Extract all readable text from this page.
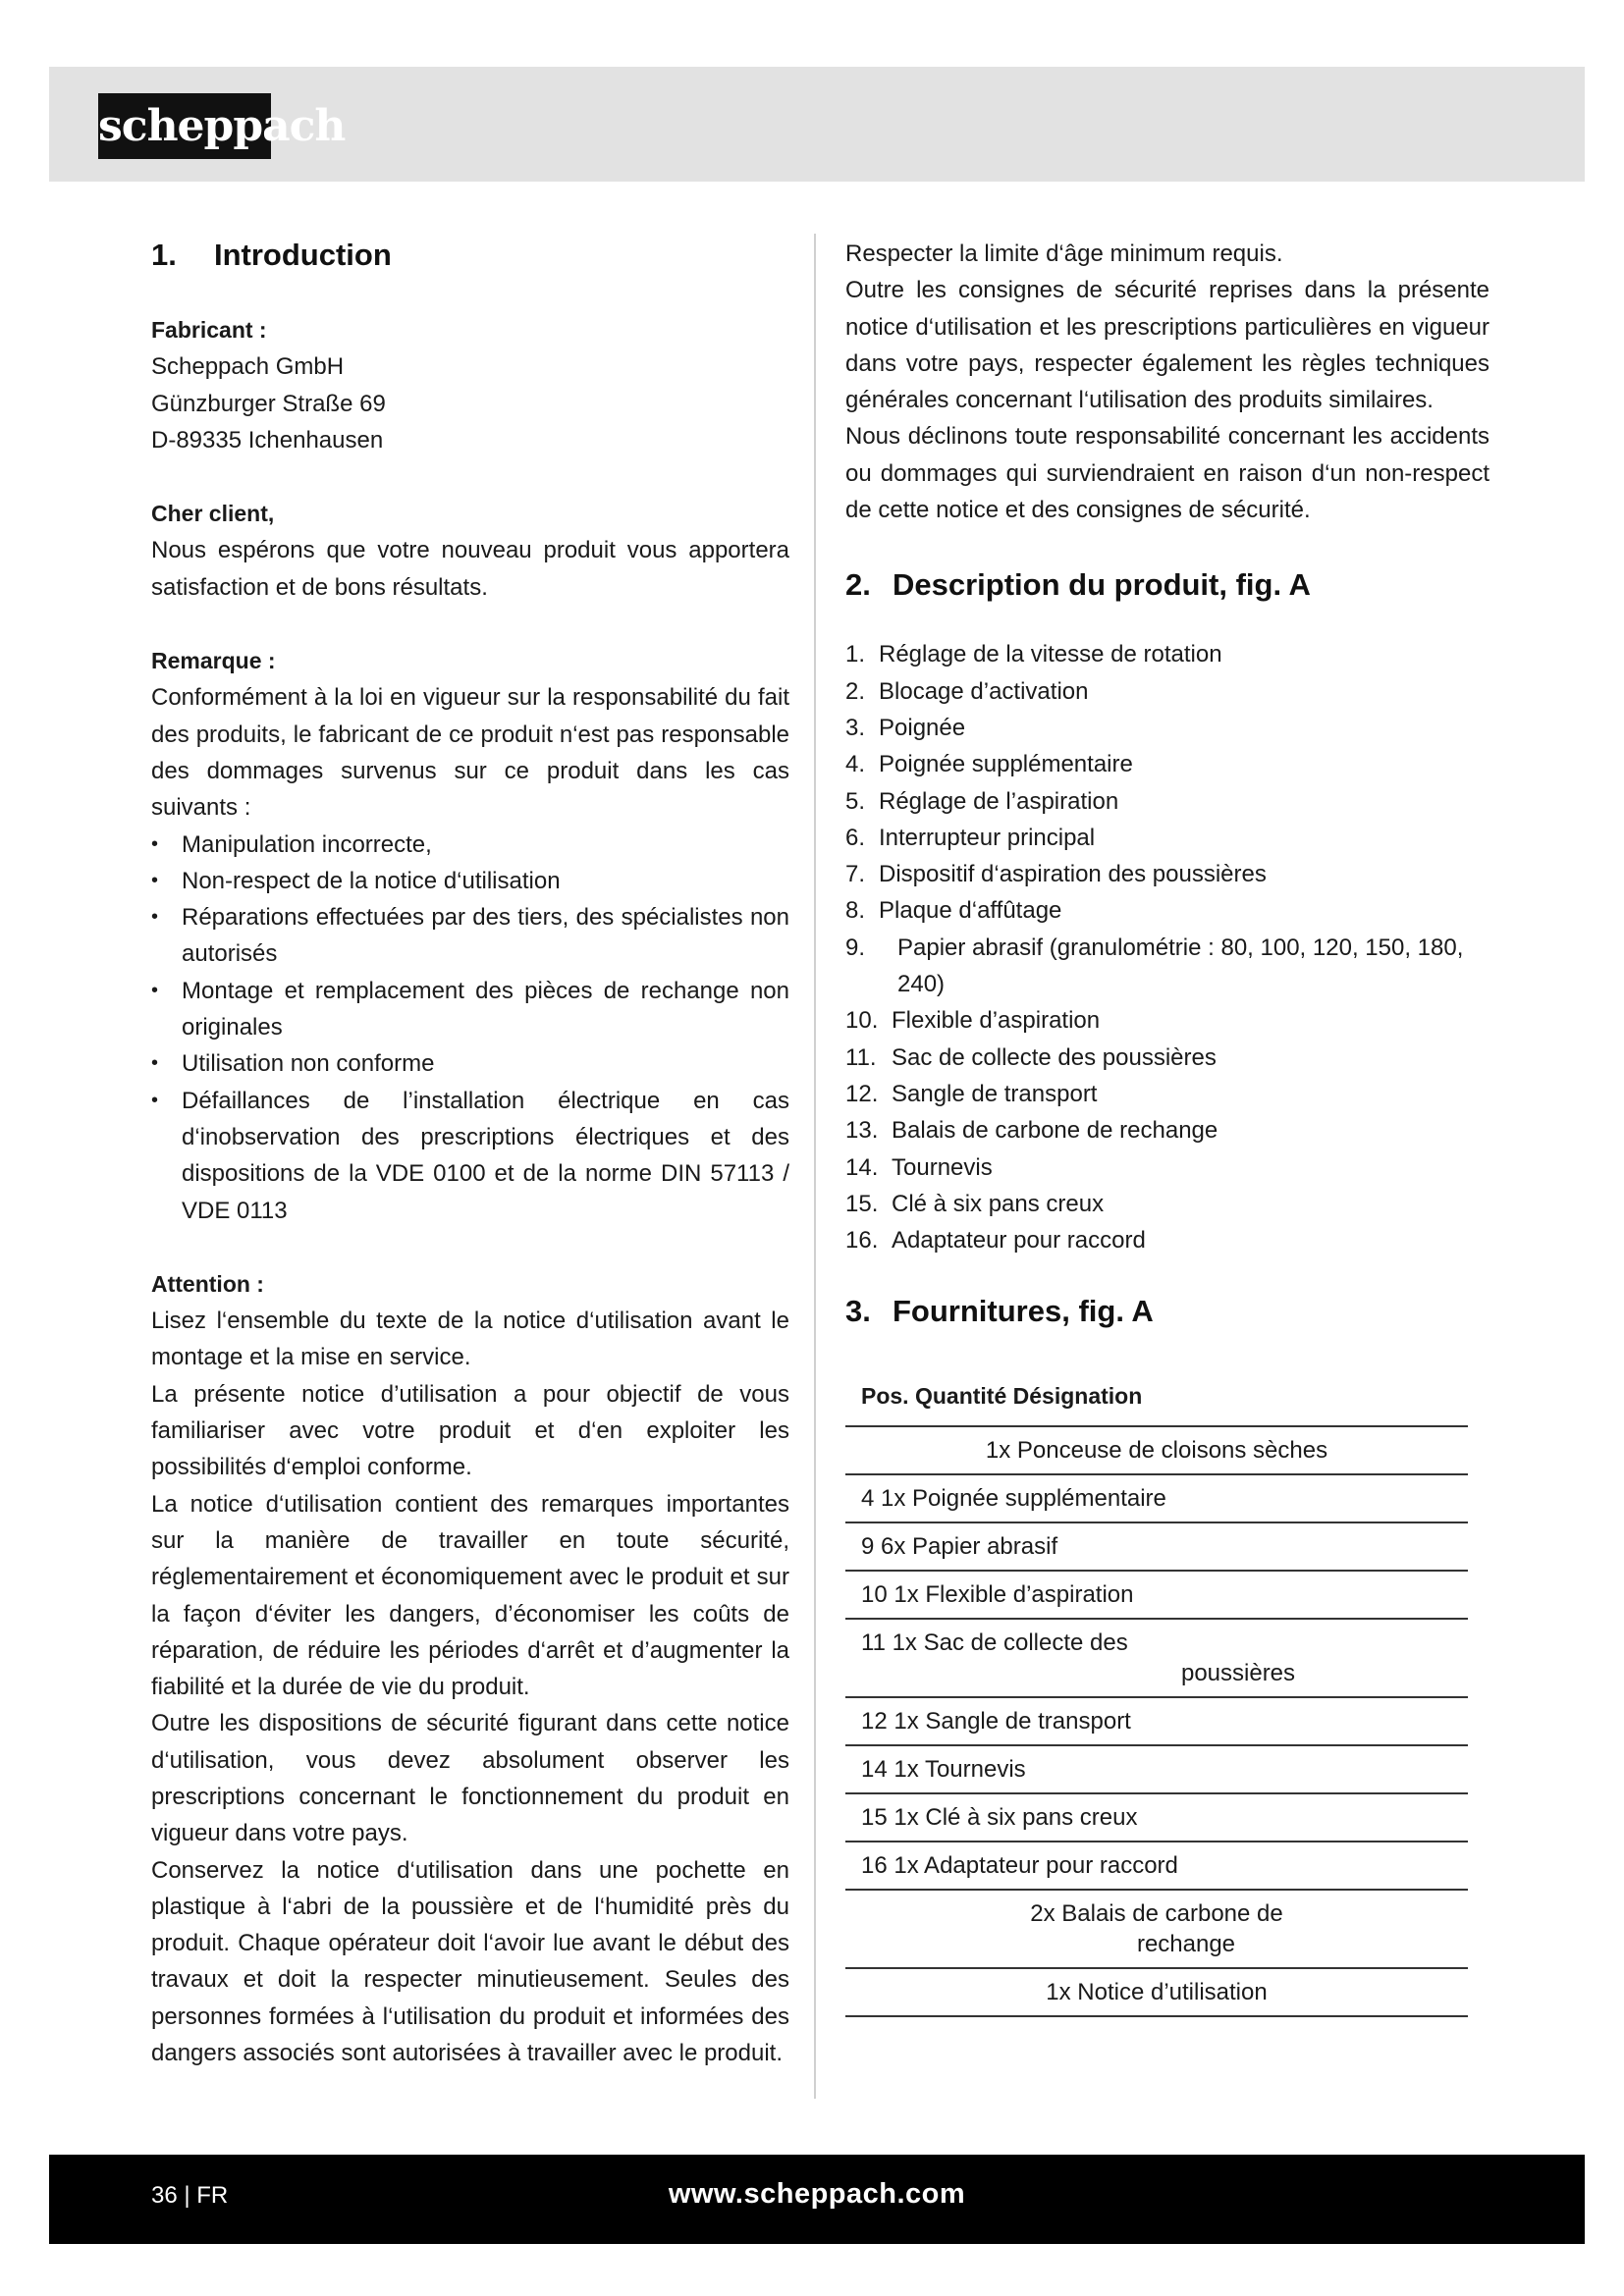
scheppach
1.	Introduction

Fabricant :

Scheppach GmbH

Günzburger Straße 69

D-89335 Ichenhausen

Cher client,

Nous espérons que votre nouveau produit vous apportera satisfaction et de bons résultats.

Remarque :

Conformément à la loi en vigueur sur la responsabilité du fait des produits, le fabricant de ce produit n‘est pas responsable des dommages survenus sur ce produit dans les cas suivants :

• Manipulation incorrecte,
• Non-respect de la notice d‘utilisation
• Réparations effectuées par des tiers, des spécialistes non autorisés
• Montage et remplacement des pièces de rechange non originales
• Utilisation non conforme
• Défaillances de l’installation électrique en cas d‘inobservation des prescriptions électriques et des dispositions de la VDE 0100 et de la norme DIN 57113 / VDE 0113

Attention :

Lisez l‘ensemble du texte de la notice d‘utilisation avant le montage et la mise en service.

La présente notice d’utilisation a pour objectif de vous familiariser avec votre produit et d‘en exploiter les possibilités d‘emploi conforme.

La notice d‘utilisation contient des remarques importantes sur la manière de travailler en toute sécurité, réglementairement et économiquement avec le produit et sur la façon d‘éviter les dangers, d’économiser les coûts de réparation, de réduire les périodes d‘arrêt et d’augmenter la fiabilité et la durée de vie du produit.

Outre les dispositions de sécurité figurant dans cette notice d‘utilisation, vous devez absolument observer les prescriptions concernant le fonctionnement du produit en vigueur dans votre pays.

Conservez la notice d‘utilisation dans une pochette en plastique à l‘abri de la poussière et de l‘humidité près du produit. Chaque opérateur doit l‘avoir lue avant le début des travaux et doit la respecter minutieusement. Seules des personnes formées à l‘utilisation du produit et informées des dangers associés sont autorisées à travailler avec le produit.

Respecter la limite d‘âge minimum requis.

Outre les consignes de sécurité reprises dans la présente notice d‘utilisation et les prescriptions particulières en vigueur dans votre pays, respecter également les règles techniques générales concernant l‘utilisation des produits similaires.

Nous déclinons toute responsabilité concernant les accidents ou dommages qui surviendraient en raison d‘un non-respect de cette notice et des consignes de sécurité.

2. Description du produit, fig. A
1. Réglage de la vitesse de rotation
2. Blocage d’activation
3. Poignée
4. Poignée supplémentaire
5. Réglage de l’aspiration
6. Interrupteur principal
7. Dispositif d‘aspiration des poussières
8. Plaque d‘affûtage
9.	Papier abrasif (granulométrie : 80, 100, 120, 150, 180, 240)
10. Flexible d’aspiration
11. Sac de collecte des poussières
12. Sangle de transport
13. Balais de carbone de rechange
14. Tournevis
15. Clé à six pans creux
16. Adaptateur pour raccord
3. Fournitures, fig. A
Pos. Quantité Désignation
1x Ponceuse de cloisons sèches
4 1x Poignée supplémentaire
9 6x Papier abrasif
10 1x Flexible d’aspiration
11 1x Sac de collecte des
poussières
12 1x Sangle de transport
14 1x Tournevis
15 1x Clé à six pans creux
16 1x Adaptateur pour raccord
2x Balais de carbone de
rechange
1x Notice d’utilisation
36 | FR	www.scheppach.com
